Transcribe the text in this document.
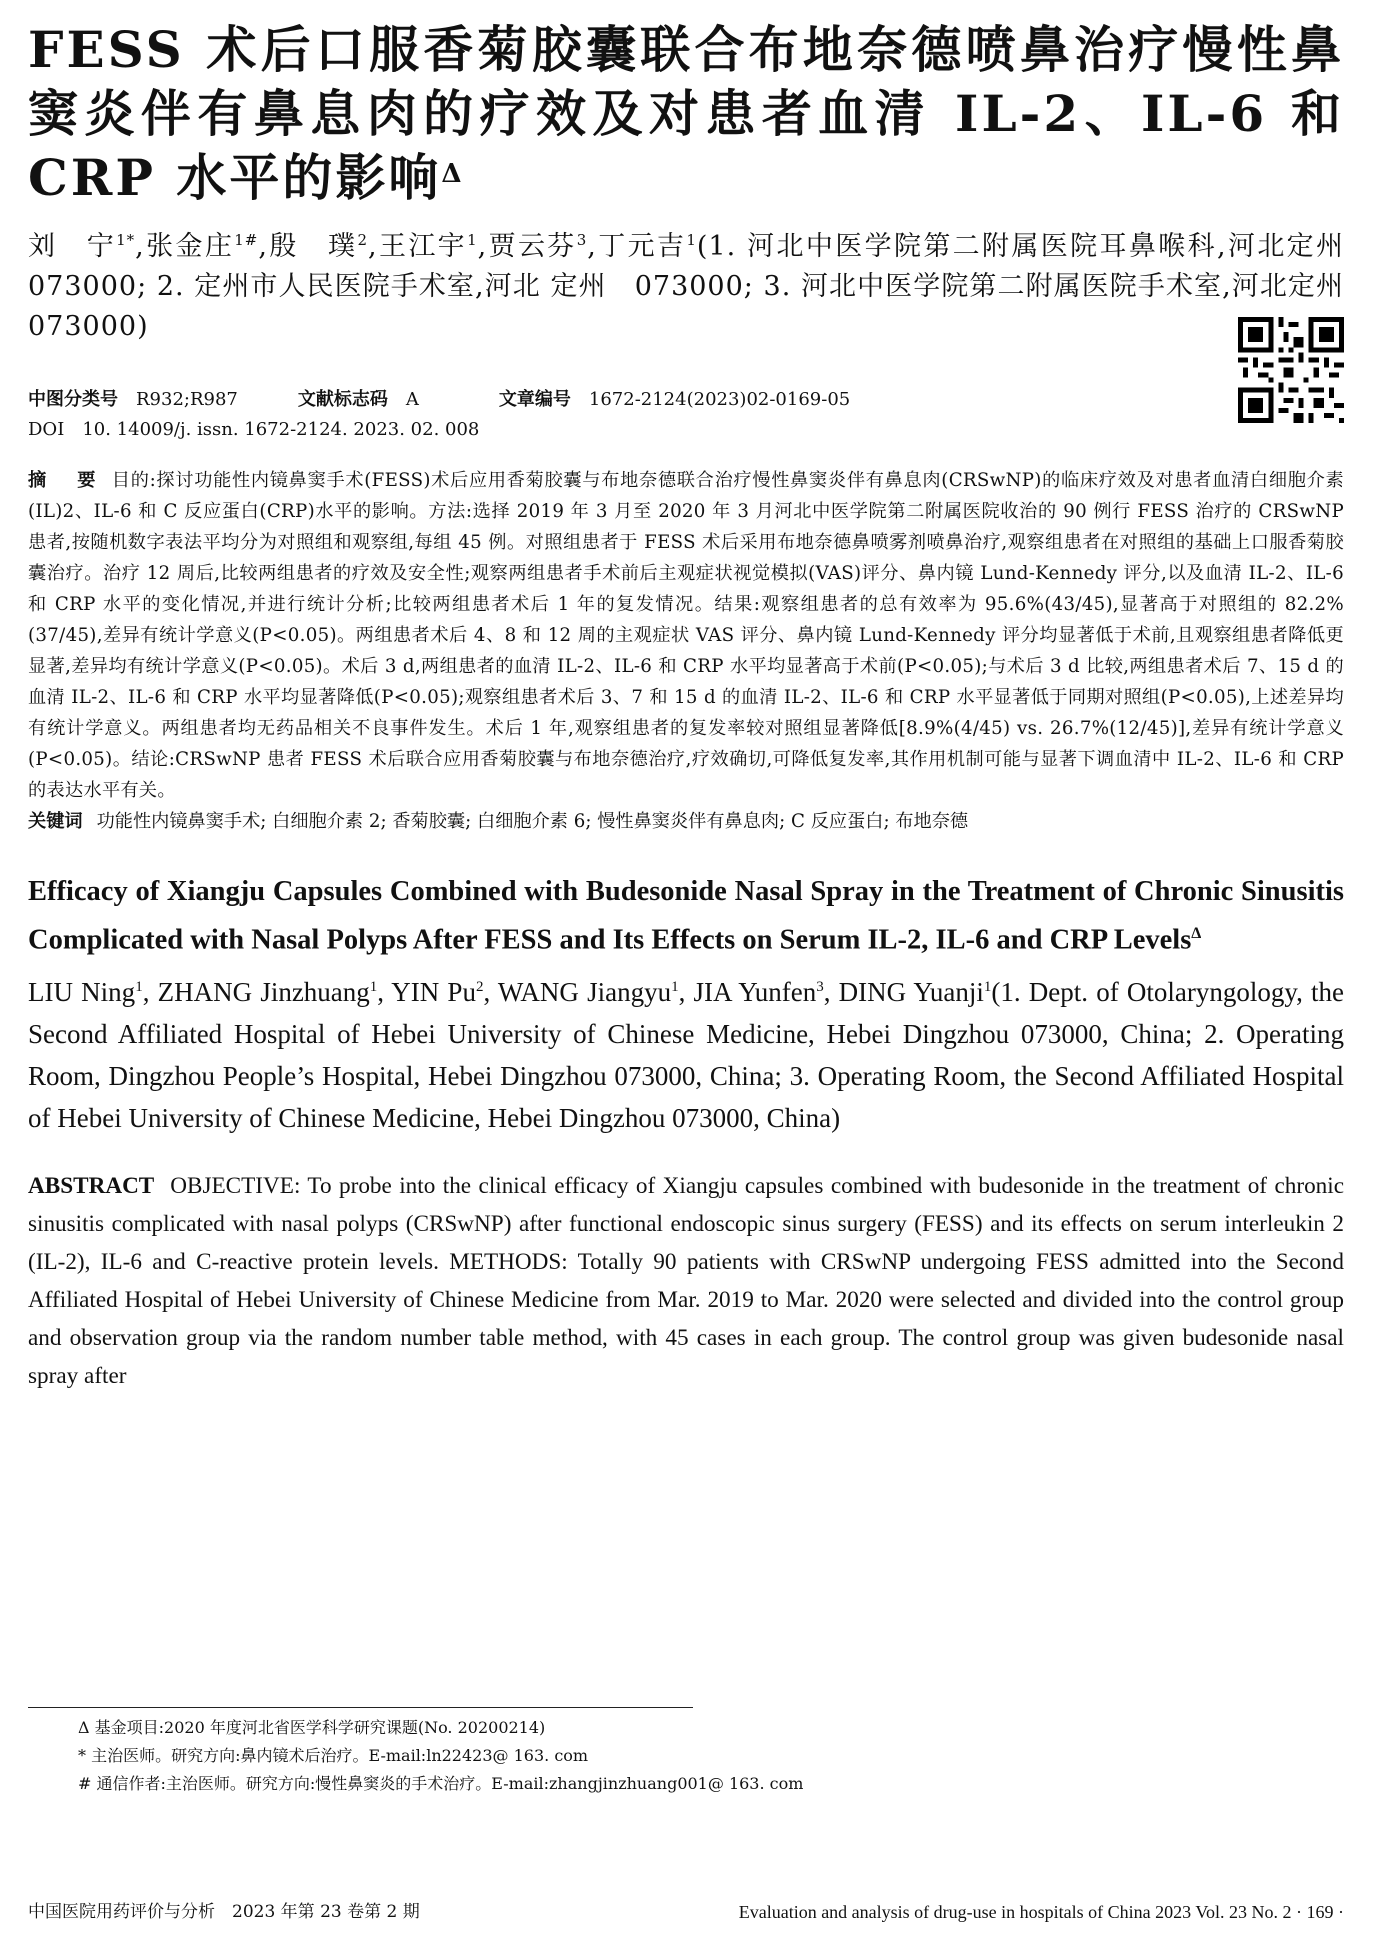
FESS 术后口服香菊胶囊联合布地奈德喷鼻治疗慢性鼻窦炎伴有鼻息肉的疗效及对患者血清 IL-2、IL-6 和 CRP 水平的影响$^\Delta$
刘　宁$^{1*}$,张金庄$^{1\#}$,殷　璞$^2$,王江宇$^1$,贾云芬$^3$,丁元吉$^1$(1. 河北中医学院第二附属医院耳鼻喉科,河北定州　073000; 2. 定州市人民医院手术室,河北 定州　073000; 3. 河北中医学院第二附属医院手术室,河北定州　073000)
中图分类号 R932;R987	文献标志码 A	文章编号 1672-2124(2023)02-0169-05
DOI 10. 14009/j. issn. 1672-2124. 2023. 02. 008
摘　要 目的:探讨功能性内镜鼻窦手术(FESS)术后应用香菊胶囊与布地奈德联合治疗慢性鼻窦炎伴有鼻息肉(CRSwNP)的临床疗效及对患者血清白细胞介素(IL)2、IL-6 和 C 反应蛋白(CRP)水平的影响。方法:选择 2019 年 3 月至 2020 年 3 月河北中医学院第二附属医院收治的 90 例行 FESS 治疗的 CRSwNP 患者,按随机数字表法平均分为对照组和观察组,每组 45 例。对照组患者于 FESS 术后采用布地奈德鼻喷雾剂喷鼻治疗,观察组患者在对照组的基础上口服香菊胶囊治疗。治疗 12 周后,比较两组患者的疗效及安全性;观察两组患者手术前后主观症状视觉模拟(VAS)评分、鼻内镜 Lund-Kennedy 评分,以及血清 IL-2、IL-6 和 CRP 水平的变化情况,并进行统计分析;比较两组患者术后 1 年的复发情况。结果:观察组患者的总有效率为 95.6%(43/45),显著高于对照组的 82.2%(37/45),差异有统计学意义(P<0.05)。两组患者术后 4、8 和 12 周的主观症状 VAS 评分、鼻内镜 Lund-Kennedy 评分均显著低于术前,且观察组患者降低更显著,差异均有统计学意义(P<0.05)。术后 3 d,两组患者的血清 IL-2、IL-6 和 CRP 水平均显著高于术前(P<0.05);与术后 3 d 比较,两组患者术后 7、15 d 的血清 IL-2、IL-6 和 CRP 水平均显著降低(P<0.05);观察组患者术后 3、7 和 15 d 的血清 IL-2、IL-6 和 CRP 水平显著低于同期对照组(P<0.05),上述差异均有统计学意义。两组患者均无药品相关不良事件发生。术后 1 年,观察组患者的复发率较对照组显著降低[8.9%(4/45) vs. 26.7%(12/45)],差异有统计学意义(P<0.05)。结论:CRSwNP 患者 FESS 术后联合应用香菊胶囊与布地奈德治疗,疗效确切,可降低复发率,其作用机制可能与显著下调血清中 IL-2、IL-6 和 CRP 的表达水平有关。
关键词 功能性内镜鼻窦手术; 白细胞介素 2; 香菊胶囊; 白细胞介素 6; 慢性鼻窦炎伴有鼻息肉; C 反应蛋白; 布地奈德
Efficacy of Xiangju Capsules Combined with Budesonide Nasal Spray in the Treatment of Chronic Sinusitis Complicated with Nasal Polyps After FESS and Its Effects on Serum IL-2, IL-6 and CRP Levels$^\Delta$
LIU Ning$^1$, ZHANG Jinzhuang$^1$, YIN Pu$^2$, WANG Jiangyu$^1$, JIA Yunfen$^3$, DING Yuanji$^1$(1. Dept. of Otolaryngology, the Second Affiliated Hospital of Hebei University of Chinese Medicine, Hebei Dingzhou 073000, China; 2. Operating Room, Dingzhou People’s Hospital, Hebei Dingzhou 073000, China; 3. Operating Room, the Second Affiliated Hospital of Hebei University of Chinese Medicine, Hebei Dingzhou 073000, China)
ABSTRACT OBJECTIVE: To probe into the clinical efficacy of Xiangju capsules combined with budesonide in the treatment of chronic sinusitis complicated with nasal polyps (CRSwNP) after functional endoscopic sinus surgery (FESS) and its effects on serum interleukin 2 (IL-2), IL-6 and C-reactive protein levels. METHODS: Totally 90 patients with CRSwNP undergoing FESS admitted into the Second Affiliated Hospital of Hebei University of Chinese Medicine from Mar. 2019 to Mar. 2020 were selected and divided into the control group and observation group via the random number table method, with 45 cases in each group. The control group was given budesonide nasal spray after
Δ 基金项目:2020 年度河北省医学科学研究课题(No. 20200214)
* 主治医师。研究方向:鼻内镜术后治疗。E-mail:ln22423@ 163. com
# 通信作者:主治医师。研究方向:慢性鼻窦炎的手术治疗。E-mail:zhangjinzhuang001@ 163. com
中国医院用药评价与分析　2023 年第 23 卷第 2 期	Evaluation and analysis of drug-use in hospitals of China 2023 Vol. 23 No. 2 · 169 ·
